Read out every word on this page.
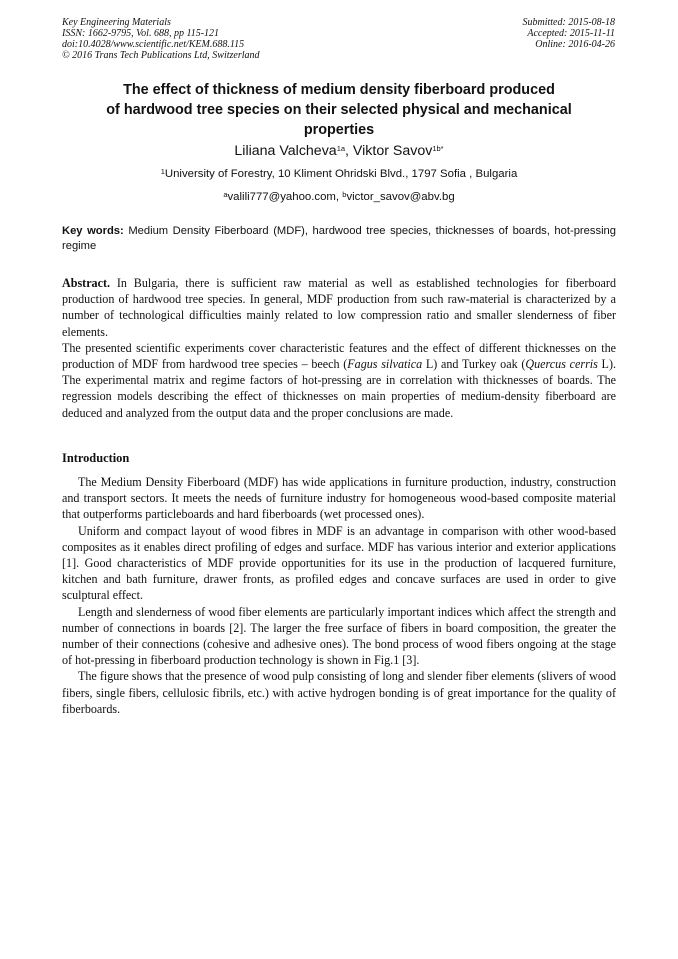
Key Engineering Materials
ISSN: 1662-9795, Vol. 688, pp 115-121
doi:10.4028/www.scientific.net/KEM.688.115
© 2016 Trans Tech Publications Ltd, Switzerland
Submitted: 2015-08-18
Accepted: 2015-11-11
Online: 2016-04-26
The effect of thickness of medium density fiberboard produced
of hardwood tree species on their selected physical and mechanical
properties
Liliana Valcheva$^{1a}$, Viktor Savov$^{1b*}$
$^1$University of Forestry, 10 Kliment Ohridski Blvd., 1797 Sofia , Bulgaria
$^a$valili777@yahoo.com, $^b$victor_savov@abv.bg
Key words: Medium Density Fiberboard (MDF), hardwood tree species, thicknesses of boards, hot-pressing regime

Abstract. In Bulgaria, there is sufficient raw material as well as established technologies for fiberboard production of hardwood tree species. In general, MDF production from such raw-material is characterized by a number of technological difficulties mainly related to low compression ratio and smaller slenderness of fiber elements.

The presented scientific experiments cover characteristic features and the effect of different thicknesses on the production of MDF from hardwood tree species – beech (Fagus silvatica L) and Turkey oak (Quercus cerris L). The experimental matrix and regime factors of hot-pressing are in correlation with thicknesses of boards. The regression models describing the effect of thicknesses on main properties of medium-density fiberboard are deduced and analyzed from the output data and the proper conclusions are made.

Introduction

The Medium Density Fiberboard (MDF) has wide applications in furniture production, industry, construction and transport sectors. It meets the needs of furniture industry for homogeneous wood-based composite material that outperforms particleboards and hard fiberboards (wet processed ones).

Uniform and compact layout of wood fibres in MDF is an advantage in comparison with other wood-based composites as it enables direct profiling of edges and surface. MDF has various interior and exterior applications [1]. Good characteristics of MDF provide opportunities for its use in the production of lacquered furniture, kitchen and bath furniture, drawer fronts, as profiled edges and concave surfaces are used in order to give sculptural effect.

Length and slenderness of wood fiber elements are particularly important indices which affect the strength and number of connections in boards [2]. The larger the free surface of fibers in board composition, the greater the number of their connections (cohesive and adhesive ones). The bond process of wood fibers ongoing at the stage of hot-pressing in fiberboard production technology is shown in Fig.1 [3].

The figure shows that the presence of wood pulp consisting of long and slender fiber elements (slivers of wood fibers, single fibers, cellulosic fibrils, etc.) with active hydrogen bonding is of great importance for the quality of fiberboards.
